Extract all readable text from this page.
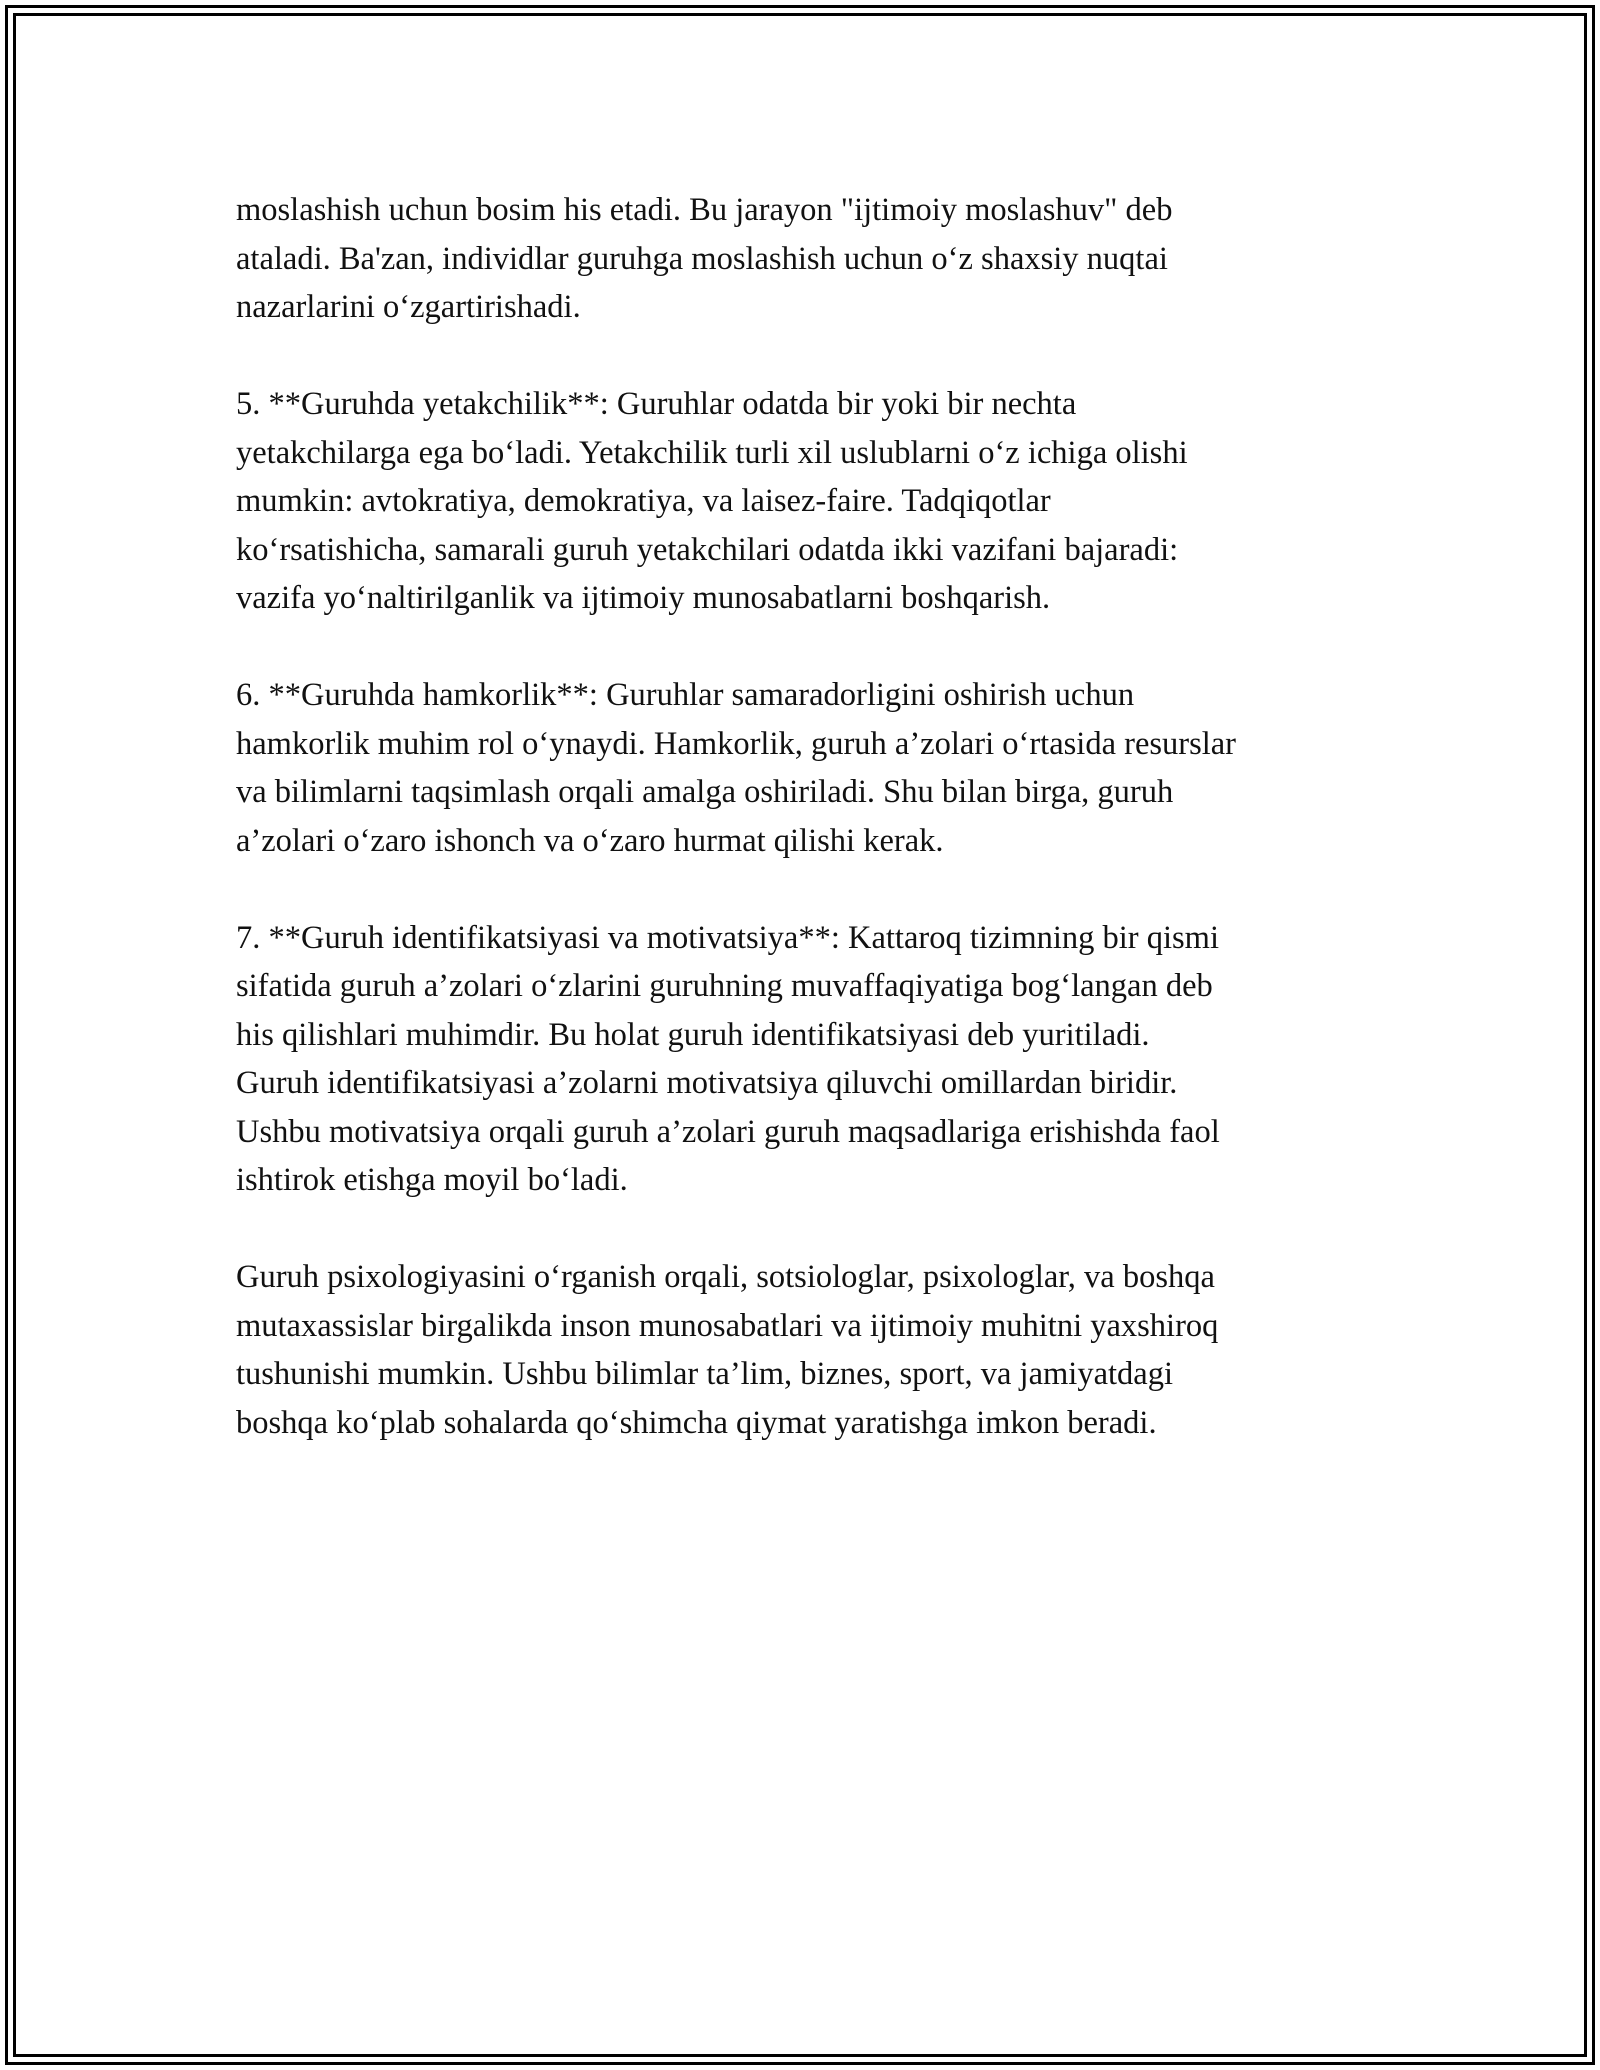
moslashish uchun bosim his etadi. Bu jarayon "ijtimoiy moslashuv" deb
ataladi. Ba'zan, individlar guruhga moslashish uchun o‘z shaxsiy nuqtai
nazarlarini o‘zgartirishadi.

5. **Guruhda yetakchilik**: Guruhlar odatda bir yoki bir nechta
yetakchilarga ega bo‘ladi. Yetakchilik turli xil uslublarni o‘z ichiga olishi
mumkin: avtokratiya, demokratiya, va laisez-faire. Tadqiqotlar
ko‘rsatishicha, samarali guruh yetakchilari odatda ikki vazifani bajaradi:
vazifa yo‘naltirilganlik va ijtimoiy munosabatlarni boshqarish.

6. **Guruhda hamkorlik**: Guruhlar samaradorligini oshirish uchun
hamkorlik muhim rol o‘ynaydi. Hamkorlik, guruh a’zolari o‘rtasida resurslar
va bilimlarni taqsimlash orqali amalga oshiriladi. Shu bilan birga, guruh
a’zolari o‘zaro ishonch va o‘zaro hurmat qilishi kerak.

7. **Guruh identifikatsiyasi va motivatsiya**: Kattaroq tizimning bir qismi
sifatida guruh a’zolari o‘zlarini guruhning muvaffaqiyatiga bog‘langan deb
his qilishlari muhimdir. Bu holat guruh identifikatsiyasi deb yuritiladi.
Guruh identifikatsiyasi a’zolarni motivatsiya qiluvchi omillardan biridir.
Ushbu motivatsiya orqali guruh a’zolari guruh maqsadlariga erishishda faol
ishtirok etishga moyil bo‘ladi.

Guruh psixologiyasini o‘rganish orqali, sotsiologlar, psixologlar, va boshqa
mutaxassislar birgalikda inson munosabatlari va ijtimoiy muhitni yaxshiroq
tushunishi mumkin. Ushbu bilimlar ta’lim, biznes, sport, va jamiyatdagi
boshqa ko‘plab sohalarda qo‘shimcha qiymat yaratishga imkon beradi.
